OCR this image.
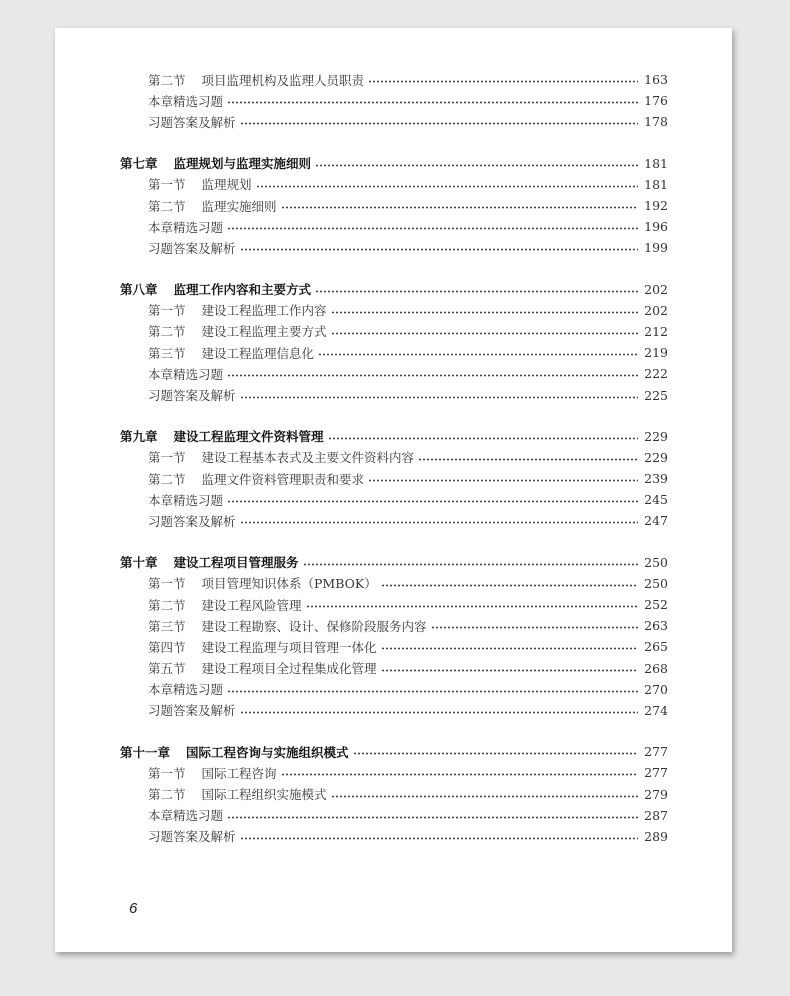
第二节 项目监理机构及监理人员职责	163
本章精选习题	176
习题答案及解析	178
第七章 监理规划与监理实施细则	181
第一节 监理规划	181
第二节 监理实施细则	192
本章精选习题	196
习题答案及解析	199
第八章 监理工作内容和主要方式	202
第一节 建设工程监理工作内容	202
第二节 建设工程监理主要方式	212
第三节 建设工程监理信息化	219
本章精选习题	222
习题答案及解析	225
第九章 建设工程监理文件资料管理	229
第一节 建设工程基本表式及主要文件资料内容	229
第二节 监理文件资料管理职责和要求	239
本章精选习题	245
习题答案及解析	247
第十章 建设工程项目管理服务	250
第一节 项目管理知识体系（PMBOK）	250
第二节 建设工程风险管理	252
第三节 建设工程勘察、设计、保修阶段服务内容	263
第四节 建设工程监理与项目管理一体化	265
第五节 建设工程项目全过程集成化管理	268
本章精选习题	270
习题答案及解析	274
第十一章 国际工程咨询与实施组织模式	277
第一节 国际工程咨询	277
第二节 国际工程组织实施模式	279
本章精选习题	287
习题答案及解析	289
6
